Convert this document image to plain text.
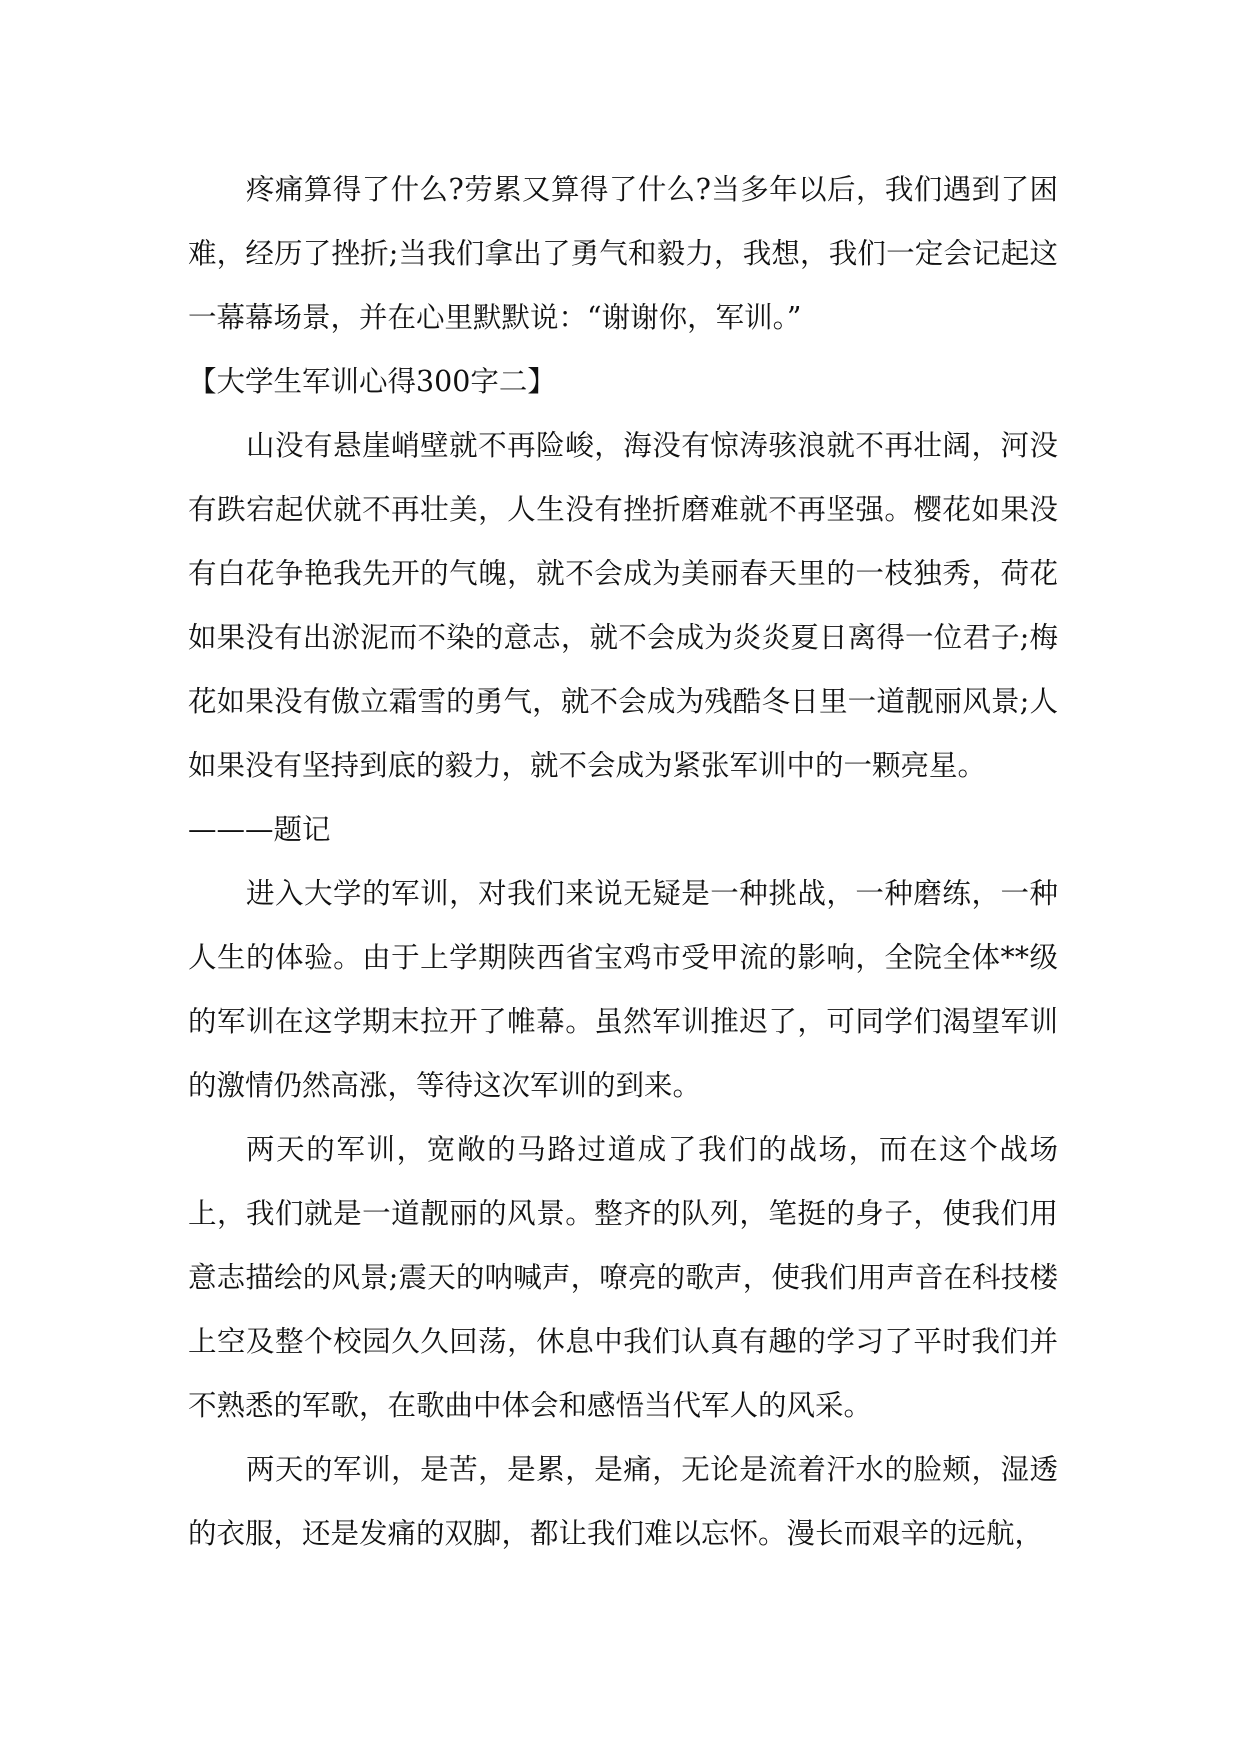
疼痛算得了什么?劳累又算得了什么?当多年以后，我们遇到了困难，经历了挫折;当我们拿出了勇气和毅力，我想，我们一定会记起这一幕幕场景，并在心里默默说：“谢谢你，军训。”

【大学生军训心得300字二】

山没有悬崖峭壁就不再险峻，海没有惊涛骇浪就不再壮阔，河没有跌宕起伏就不再壮美，人生没有挫折磨难就不再坚强。樱花如果没有白花争艳我先开的气魄，就不会成为美丽春天里的一枝独秀，荷花如果没有出淤泥而不染的意志，就不会成为炎炎夏日离得一位君子;梅花如果没有傲立霜雪的勇气，就不会成为残酷冬日里一道靓丽风景;人如果没有坚持到底的毅力，就不会成为紧张军训中的一颗亮星。

———题记

进入大学的军训，对我们来说无疑是一种挑战，一种磨练，一种人生的体验。由于上学期陕西省宝鸡市受甲流的影响，全院全体**级的军训在这学期末拉开了帷幕。虽然军训推迟了，可同学们渴望军训的激情仍然高涨，等待这次军训的到来。

两天的军训，宽敞的马路过道成了我们的战场，而在这个战场上，我们就是一道靓丽的风景。整齐的队列，笔挺的身子，使我们用意志描绘的风景;震天的呐喊声，嘹亮的歌声，使我们用声音在科技楼上空及整个校园久久回荡，休息中我们认真有趣的学习了平时我们并不熟悉的军歌，在歌曲中体会和感悟当代军人的风采。

两天的军训，是苦，是累，是痛，无论是流着汗水的脸颊，湿透的衣服，还是发痛的双脚，都让我们难以忘怀。漫长而艰辛的远航，
